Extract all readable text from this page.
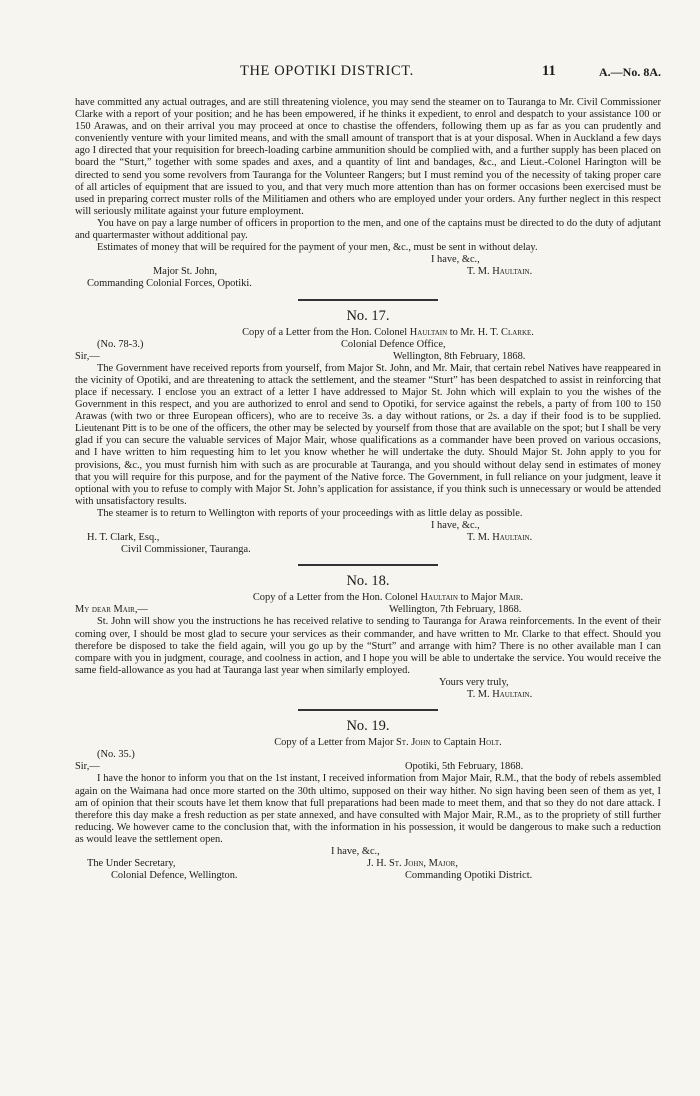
THE OPOTIKI DISTRICT.	11	A.—No. 8A.

have committed any actual outrages, and are still threatening violence, you may send the steamer on to Tauranga to Mr. Civil Commissioner Clarke with a report of your position; and he has been empowered, if he thinks it expedient, to enrol and despatch to your assistance 100 or 150 Arawas, and on their arrival you may proceed at once to chastise the offenders, following them up as far as you can prudently and conveniently venture with your limited means, and with the small amount of transport that is at your disposal. When in Auckland a few days ago I directed that your requisition for breech-loading carbine ammunition should be complied with, and a further supply has been placed on board the “Sturt,” together with some spades and axes, and a quantity of lint and bandages, &c., and Lieut.-Colonel Harington will be directed to send you some revolvers from Tauranga for the Volunteer Rangers; but I must remind you of the necessity of taking proper care of all articles of equipment that are issued to you, and that very much more attention than has on former occasions been exercised must be used in preparing correct muster rolls of the Militiamen and others who are employed under your orders. Any further neglect in this respect will seriously militate against your future employment.

You have on pay a large number of officers in proportion to the men, and one of the captains must be directed to do the duty of adjutant and quartermaster without additional pay.

Estimates of money that will be required for the payment of your men, &c., must be sent in without delay.

I have, &c.,
Major St. John,	T. M. Haultain.
Commanding Colonial Forces, Opotiki.
No. 17.
Copy of a Letter from the Hon. Colonel Haultain to Mr. H. T. Clarke.
(No. 78-3.)	Colonial Defence Office,
Sir,—	Wellington, 8th February, 1868.

The Government have received reports from yourself, from Major St. John, and Mr. Mair, that certain rebel Natives have reappeared in the vicinity of Opotiki, and are threatening to attack the settlement, and the steamer “Sturt” has been despatched to assist in reinforcing that place if necessary. I enclose you an extract of a letter I have addressed to Major St. John which will explain to you the wishes of the Government in this respect, and you are authorized to enrol and send to Opotiki, for service against the rebels, a party of from 100 to 150 Arawas (with two or three European officers), who are to receive 3s. a day without rations, or 2s. a day if their food is to be supplied. Lieutenant Pitt is to be one of the officers, the other may be selected by yourself from those that are available on the spot; but I shall be very glad if you can secure the valuable services of Major Mair, whose qualifications as a commander have been proved on various occasions, and I have written to him requesting him to let you know whether he will undertake the duty. Should Major St. John apply to you for provisions, &c., you must furnish him with such as are procurable at Tauranga, and you should without delay send in estimates of money that you will require for this purpose, and for the payment of the Native force. The Government, in full reliance on your judgment, leave it optional with you to refuse to comply with Major St. John’s application for assistance, if you think such is unnecessary or would be attended with unsatisfactory results.

The steamer is to return to Wellington with reports of your proceedings with as little delay as possible.

I have, &c.,
H. T. Clark, Esq.,	T. M. Haultain.
Civil Commissioner, Tauranga.
No. 18.
Copy of a Letter from the Hon. Colonel Haultain to Major Mair.
My dear Mair,—	Wellington, 7th February, 1868.

St. John will show you the instructions he has received relative to sending to Tauranga for Arawa reinforcements. In the event of their coming over, I should be most glad to secure your services as their commander, and have written to Mr. Clarke to that effect. Should you therefore be disposed to take the field again, will you go up by the “Sturt” and arrange with him? There is no other available man I can compare with you in judgment, courage, and coolness in action, and I hope you will be able to undertake the service. You would receive the same field-allowance as you had at Tauranga last year when similarly employed.

Yours very truly,
T. M. Haultain.
No. 19.
Copy of a Letter from Major St. John to Captain Holt.
(No. 35.)
Sir,—	Opotiki, 5th February, 1868.

I have the honor to inform you that on the 1st instant, I received information from Major Mair, R.M., that the body of rebels assembled again on the Waimana had once more started on the 30th ultimo, supposed on their way hither. No sign having been seen of them as yet, I am of opinion that their scouts have let them know that full preparations had been made to meet them, and that so they do not dare attack. I therefore this day make a fresh reduction as per state annexed, and have consulted with Major Mair, R.M., as to the propriety of still further reducing. We however came to the conclusion that, with the information in his possession, it would be dangerous to make such a reduction as would leave the settlement open.

I have, &c.,
The Under Secretary,	J. H. St. John, Major,
Colonial Defence, Wellington.	Commanding Opotiki District.
